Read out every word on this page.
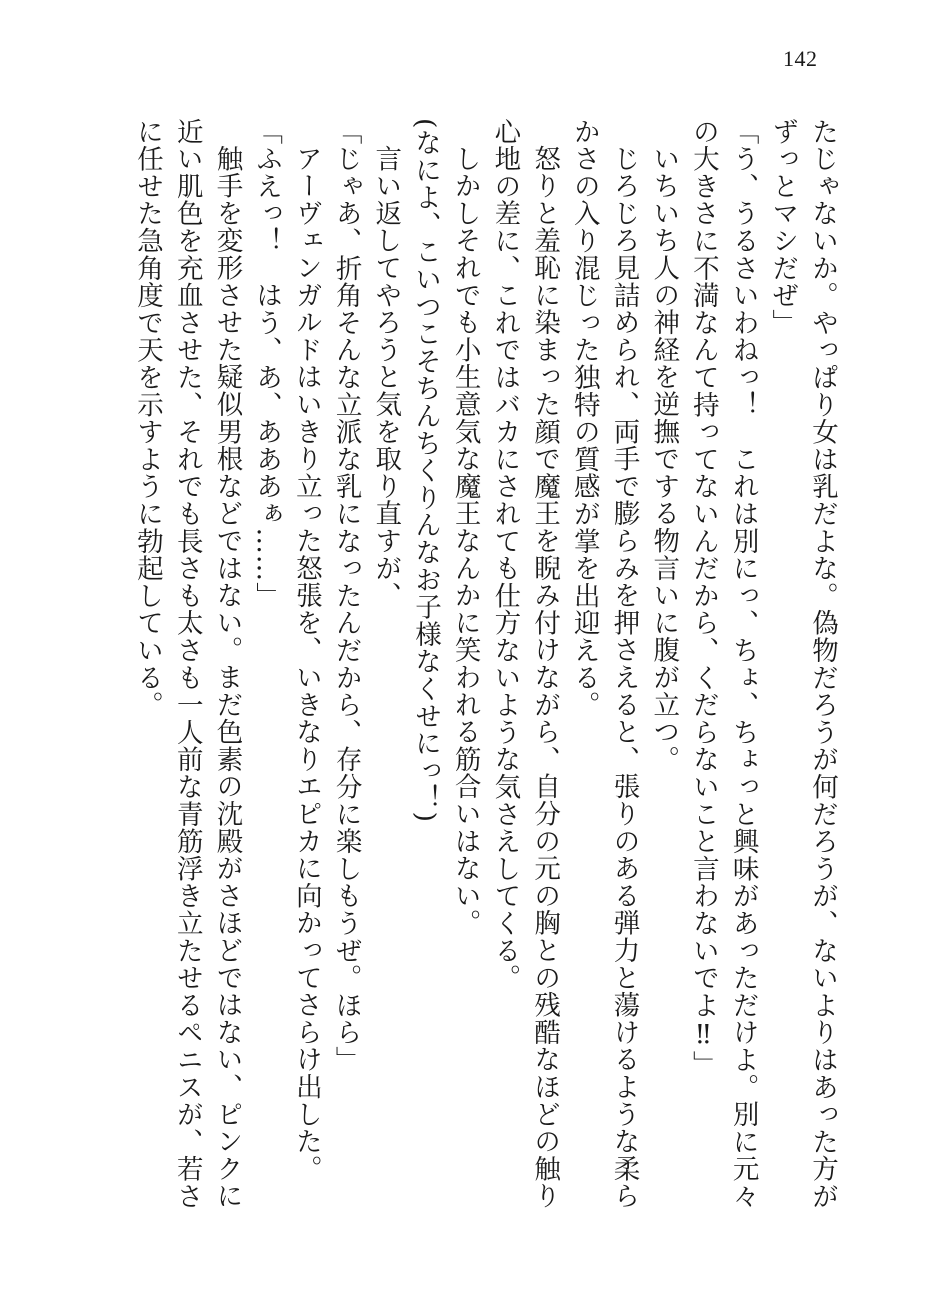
142
たじゃないか。やっぱり女は乳だよな。偽物だろうが何だろうが、ないよりはあった方が
ずっとマシだぜ」
「う、うるさいわねっ！　これは別にっ、ちょ、ちょっと興味があっただけよ。別に元々
の大きさに不満なんて持ってないんだから、くだらないこと言わないでよ‼」
いちいち人の神経を逆撫でする物言いに腹が立つ。
じろじろ見詰められ、両手で膨らみを押さえると、張りのある弾力と蕩けるような柔ら
かさの入り混じった独特の質感が掌を出迎える。
怒りと羞恥に染まった顔で魔王を睨み付けながら、自分の元の胸との残酷なほどの触り
心地の差に、これではバカにされても仕方ないような気さえしてくる。
しかしそれでも小生意気な魔王なんかに笑われる筋合いはない。
(なによ、こいつこそちんちくりんなお子様なくせにっ！)
言い返してやろうと気を取り直すが、
「じゃあ、折角そんな立派な乳になったんだから、存分に楽しもうぜ。ほら」
アーヴェンガルドはいきり立った怒張を、いきなりエピカに向かってさらけ出した。
「ふえっ！　はう、あ、あああぁ……」
触手を変形させた疑似男根などではない。まだ色素の沈殿がさほどではない、ピンクに
近い肌色を充血させた、それでも長さも太さも一人前な青筋浮き立たせるペニスが、若さ
に任せた急角度で天を示すように勃起している。
